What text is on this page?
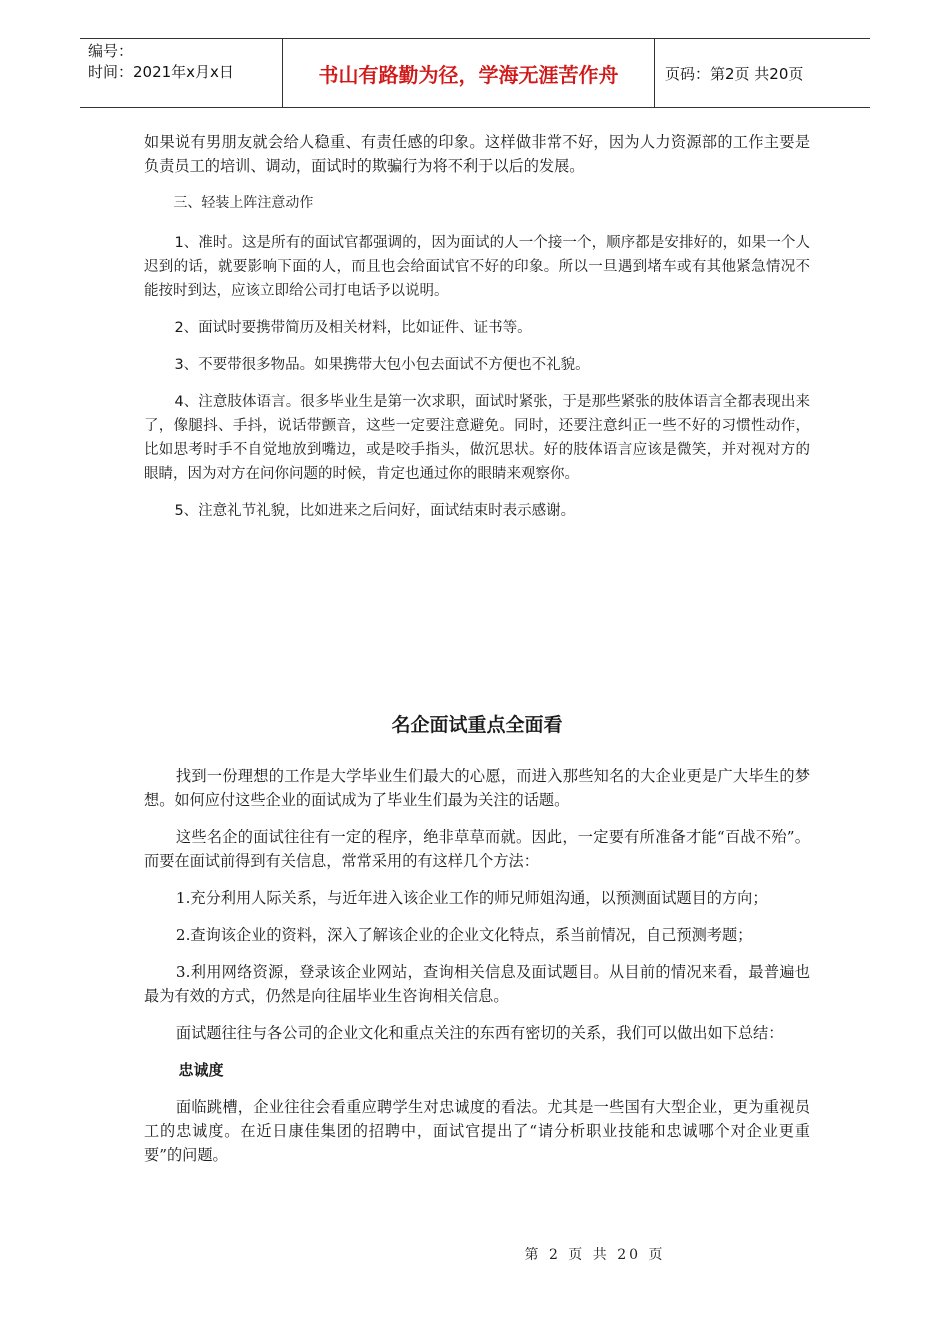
编号：
时间：2021年x月x日	书山有路勤为径，学海无涯苦作舟	页码：第2页 共20页

如果说有男朋友就会给人稳重、有责任感的印象。这样做非常不好，因为人力资源部的工作主要是负责员工的培训、调动，面试时的欺骗行为将不利于以后的发展。

三、轻装上阵注意动作

1、准时。这是所有的面试官都强调的，因为面试的人一个接一个，顺序都是安排好的，如果一个人迟到的话，就要影响下面的人，而且也会给面试官不好的印象。所以一旦遇到堵车或有其他紧急情况不能按时到达，应该立即给公司打电话予以说明。

2、面试时要携带简历及相关材料，比如证件、证书等。

3、不要带很多物品。如果携带大包小包去面试不方便也不礼貌。

4、注意肢体语言。很多毕业生是第一次求职，面试时紧张，于是那些紧张的肢体语言全都表现出来了，像腿抖、手抖，说话带颤音，这些一定要注意避免。同时，还要注意纠正一些不好的习惯性动作，比如思考时手不自觉地放到嘴边，或是咬手指头，做沉思状。好的肢体语言应该是微笑，并对视对方的眼睛，因为对方在问你问题的时候，肯定也通过你的眼睛来观察你。

5、注意礼节礼貌，比如进来之后问好，面试结束时表示感谢。

名企面试重点全面看

找到一份理想的工作是大学毕业生们最大的心愿，而进入那些知名的大企业更是广大毕生的梦想。如何应付这些企业的面试成为了毕业生们最为关注的话题。

这些名企的面试往往有一定的程序，绝非草草而就。因此，一定要有所准备才能“百战不殆”。而要在面试前得到有关信息，常常采用的有这样几个方法：

1.充分利用人际关系，与近年进入该企业工作的师兄师姐沟通，以预测面试题目的方向；

2.查询该企业的资料，深入了解该企业的企业文化特点，系当前情况，自己预测考题；

3.利用网络资源，登录该企业网站，查询相关信息及面试题目。从目前的情况来看，最普遍也最为有效的方式，仍然是向往届毕业生咨询相关信息。

面试题往往与各公司的企业文化和重点关注的东西有密切的关系，我们可以做出如下总结：

忠诚度

面临跳槽，企业往往会看重应聘学生对忠诚度的看法。尤其是一些国有大型企业，更为重视员工的忠诚度。在近日康佳集团的招聘中，面试官提出了“请分析职业技能和忠诚哪个对企业更重要”的问题。

第 2 页 共 20 页
